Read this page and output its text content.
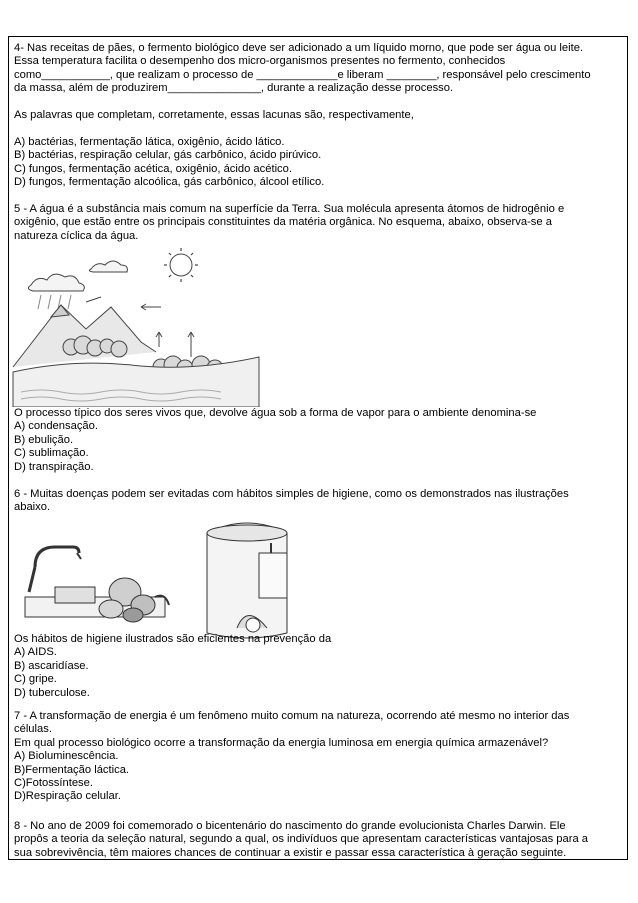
4- Nas receitas de pães, o fermento biológico deve ser adicionado a um líquido morno, que pode ser água ou leite.

Essa temperatura facilita o desempenho dos micro-organismos presentes no fermento, conhecidos

como___________, que realizam o processo de _____________e liberam ________, responsável pelo crescimento

da massa, além de produzirem_______________, durante a realização desse processo.

As palavras que completam, corretamente, essas lacunas são, respectivamente,

A) bactérias, fermentação lática, oxigênio, ácido lático.

B) bactérias, respiração celular, gás carbônico, ácido pirúvico.

C) fungos, fermentação acética, oxigênio, ácido acético.

D) fungos, fermentação alcoólica, gás carbônico, álcool etílico.

5 - A água é a substância mais comum na superfície da Terra. Sua molécula apresenta átomos de hidrogênio e

oxigênio, que estão entre os principais constituintes da matéria orgânica. No esquema, abaixo, observa-se a

natureza cíclica da água.

O processo típico dos seres vivos que, devolve água sob a forma de vapor para o ambiente denomina-se

A) condensação.

B) ebulição.

C) sublimação.

D) transpiração.

6 - Muitas doenças podem ser evitadas com hábitos simples de higiene, como os demonstrados nas ilustrações

abaixo.

Os hábitos de higiene ilustrados são eficientes na prevenção da

A) AIDS.

B) ascaridíase.

C) gripe.

D) tuberculose.

7 - A transformação de energia é um fenômeno muito comum na natureza, ocorrendo até mesmo no interior das

células.

Em qual processo biológico ocorre a transformação da energia luminosa em energia química armazenável?

A) Bioluminescência.

B)Fermentação láctica.

C)Fotossíntese.

D)Respiração celular.

8 - No ano de 2009 foi comemorado o bicentenário do nascimento do grande evolucionista Charles Darwin. Ele

propôs a teoria da seleção natural, segundo a qual, os indivíduos que apresentam características vantajosas para a

sua sobrevivência, têm maiores chances de continuar a existir e passar essa característica à geração seguinte.
